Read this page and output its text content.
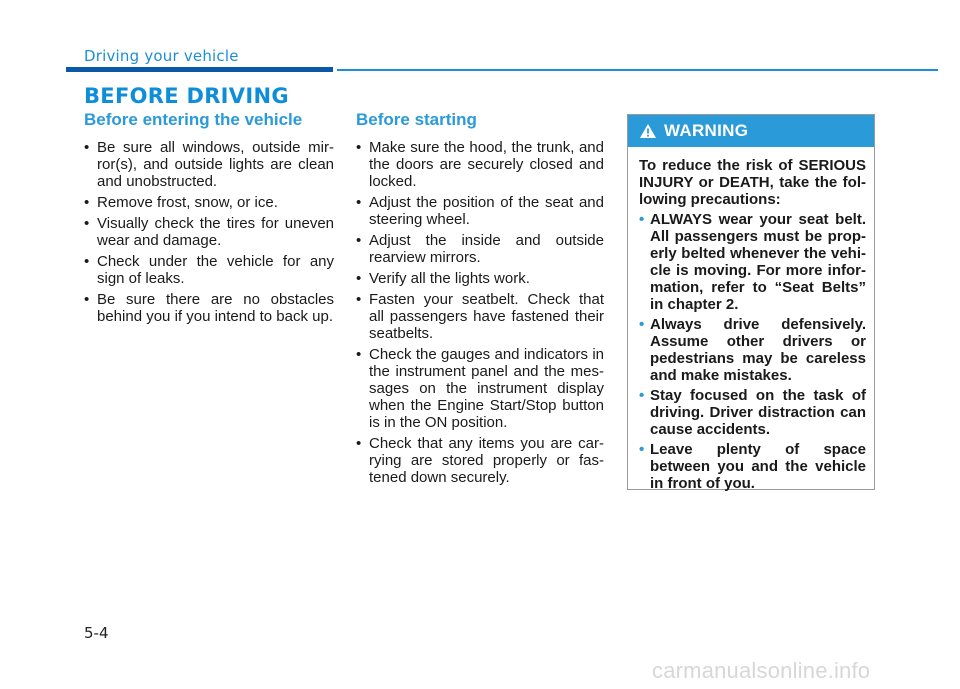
Driving your vehicle
BEFORE DRIVING
Before entering the vehicle
• Be sure all windows, outside mir-ror(s), and outside lights are clean and unobstructed.
• Remove frost, snow, or ice.
• Visually check the tires for uneven wear and damage.
• Check under the vehicle for any sign of leaks.
• Be sure there are no obstacles behind you if you intend to back up.
Before starting
• Make sure the hood, the trunk, and the doors are securely closed and locked.
• Adjust the position of the seat and steering wheel.
• Adjust the inside and outside rearview mirrors.
• Verify all the lights work.
• Fasten your seatbelt. Check that all passengers have fastened their seatbelts.
• Check the gauges and indicators in the instrument panel and the mes-sages on the instrument display when the Engine Start/Stop button is in the ON position.
• Check that any items you are car-rying are stored properly or fas-tened down securely.
WARNING

To reduce the risk of SERIOUS INJURY or DEATH, take the fol-lowing precautions:

• ALWAYS wear your seat belt. All passengers must be prop-erly belted whenever the vehi-cle is moving. For more infor-mation, refer to “Seat Belts” in chapter 2.
• Always drive defensively. Assume other drivers or pedestrians may be careless and make mistakes.
• Stay focused on the task of driving. Driver distraction can cause accidents.
• Leave plenty of space between you and the vehicle in front of you.
5-4
carmanualsonline.info
